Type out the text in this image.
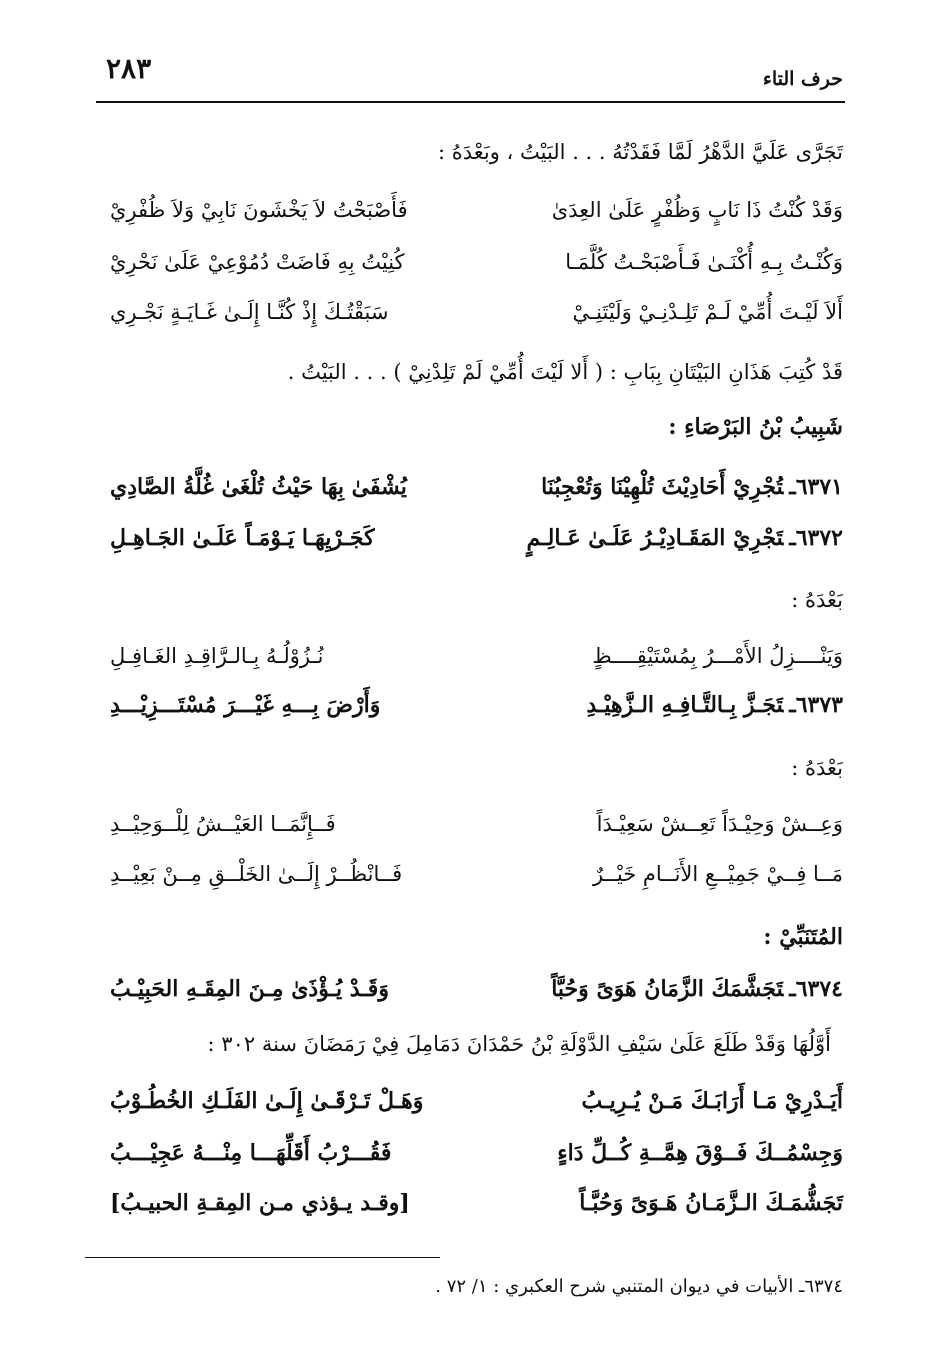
حرف التاء
٢٨٣
تَجَرَّى عَلَيَّ الدَّهْرُ لَمَّا فَقَدْتُهُ . . . البَيْتُ ، وبَعْدَهُ :
وَقَدْ كُنْتُ ذَا نَابٍ وَظُفْرٍ عَلَىٰ العِدَىٰ
فَأَصْبَحْتُ لاَ يَخْشَونَ نَابِيْ وَلاَ ظُفْرِيْ
وَكُنْـتُ بِـهِ أُكْنَـىٰ فَـأَصْبَحْـتُ كُلَّمَـا
كُنِيْتُ بِهِ فَاضَتْ دُمُوْعِيْ عَلَىٰ نَحْرِيْ
أَلاَ لَيْـتَ أُمِّيْ لَـمْ تَلِـدْنِـيْ وَلَيْتَنِـيْ
سَبَقْتُـكَ إِذْ كُنَّـا إِلَـىٰ غَـايَـةٍ نَجْـرِي
قَدْ كُتِبَ هَذَانِ البَيْتَانِ بِبَابِ : ( أَلا لَيْتَ أُمِّيْ لَمْ تَلِدْنِيْ ) . . . البَيْتُ .
شَبِيبُ بْنُ البَرْصَاءِ :
٦٣٧١ـتُجْرِيْ أَحَادِيْثَ تُلْهِيْنَا وَتُعْجِبُنَا
يُشْفَىٰ بِهَا حَيْثُ تُلْغَىٰ غُلَّةُ الصَّادِي
٦٣٧٢ـتَجْرِيْ المَقَـادِيْـرُ عَلَـىٰ عَـالِـمٍ
كَجَـرْيِهَـا يَـوْمَـاً عَلَـىٰ الجَـاهِـلِ
بَعْدَهُ :
وَيَنْــــزِلُ الأَمْـــرُ بِمُسْتَيْقِــــظٍ
نُـزُوْلُـهُ بِـالـرَّاقِـدِ الغَـافِـلِ
٦٣٧٣ـتَجَـزَّ بِـالتَّـافِـهِ الـزَّهِيْـدِ
وَأَرْضَ بِـــهِ غَيْـــرَ مُسْتَـــزِيْـــدِ
بَعْدَهُ :
وَعِــشْ وَحِيْـدَاً تَعِــشْ سَعِيْـدَاً
فَــإِنَّمَــا العَيْــشُ لِلْــوَحِيْــدِ
مَــا فِــيْ جَمِيْــعِ الأَنَــامِ خَيْــرٌ
فَــانْظُــرْ إِلَــىٰ الخَلْــقِ مِــنْ بَعِيْــدِ
المُتَنَبِّيْ :
٦٣٧٤ـتَجَشَّمَكَ الزَّمَانُ هَوَىً وَحُبَّاً
وَقَـدْ يُـؤْذَىٰ مِـنَ المِقَـهِ الحَبِيْـبُ
أَوَّلُهَا وَقَدْ طَلَعَ عَلَىٰ سَيْفِ الدَّوْلَةِ بْنُ حَمْدَانَ دَمَامِلَ فِيْ رَمَضَانَ سنة ٣٠٢ :
أَيَـدْرِيْ مَـا أَرَابَـكَ مَـنْ يُـرِيـبُ
وَهَـلْ تَـرْقَـىٰ إِلَـىٰ الفَلَـكِ الخُطُـوْبُ
وَجِسْمُــكَ فَــوْقَ هِمَّــةِ كُــلِّ دَاءٍ
فَقُـــرْبُ أَقَلِّهَـــا مِنْـــهُ عَجِيْـــبُ
تَجَشُّمَـكَ الـزَّمَـانُ هَـوَىً وَحُبَّـاً
[وقـد يـؤذي مـن المِقـةِ الحبيـبُ]
٦٣٧٤ـ الأبيات في ديوان المتنبي شرح العكبري : ١/ ٧٢ .
